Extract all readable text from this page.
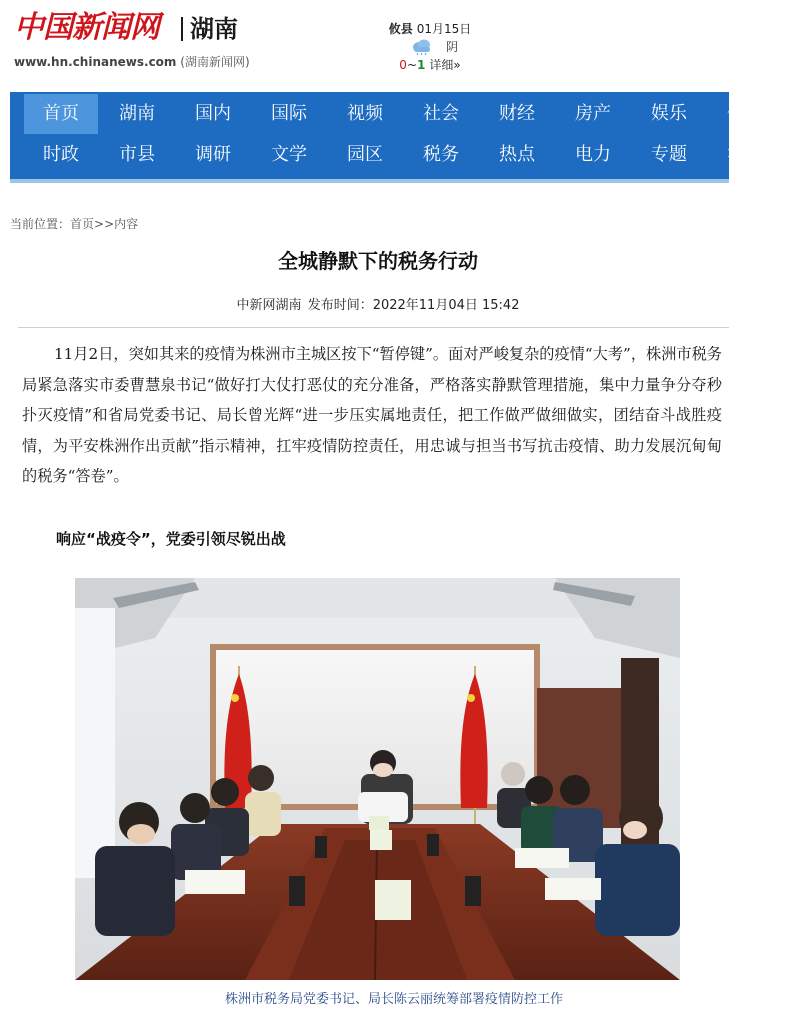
中国新闻网 湖南
www.hn.chinanews.com (湖南新闻网)
攸县 01月15日
阴
0~1 详细»
首页	湖南	国内	国际	视频	社会	财经	房产	娱乐	体育
时政	市县	调研	文学	园区	税务	热点	电力	专题	滚动
当前位置：首页>>内容
全城静默下的税务行动
中新网湖南 发布时间：2022年11月04日 15:42

11月2日，突如其来的疫情为株洲市主城区按下“暂停键”。面对严峻复杂的疫情“大考”，株洲市税务局紧急落实市委曹慧泉书记“做好打大仗打恶仗的充分准备，严格落实静默管理措施，集中力量争分夺秒扑灭疫情”和省局党委书记、局长曾光辉“进一步压实属地责任，把工作做严做细做实，团结奋斗战胜疫情，为平安株洲作出贡献”指示精神，扛牢疫情防控责任，用忠诚与担当书写抗击疫情、助力发展沉甸甸的税务“答卷”。

响应“战疫令”，党委引领尽锐出战
株洲市税务局党委书记、局长陈云丽统筹部署疫情防控工作
